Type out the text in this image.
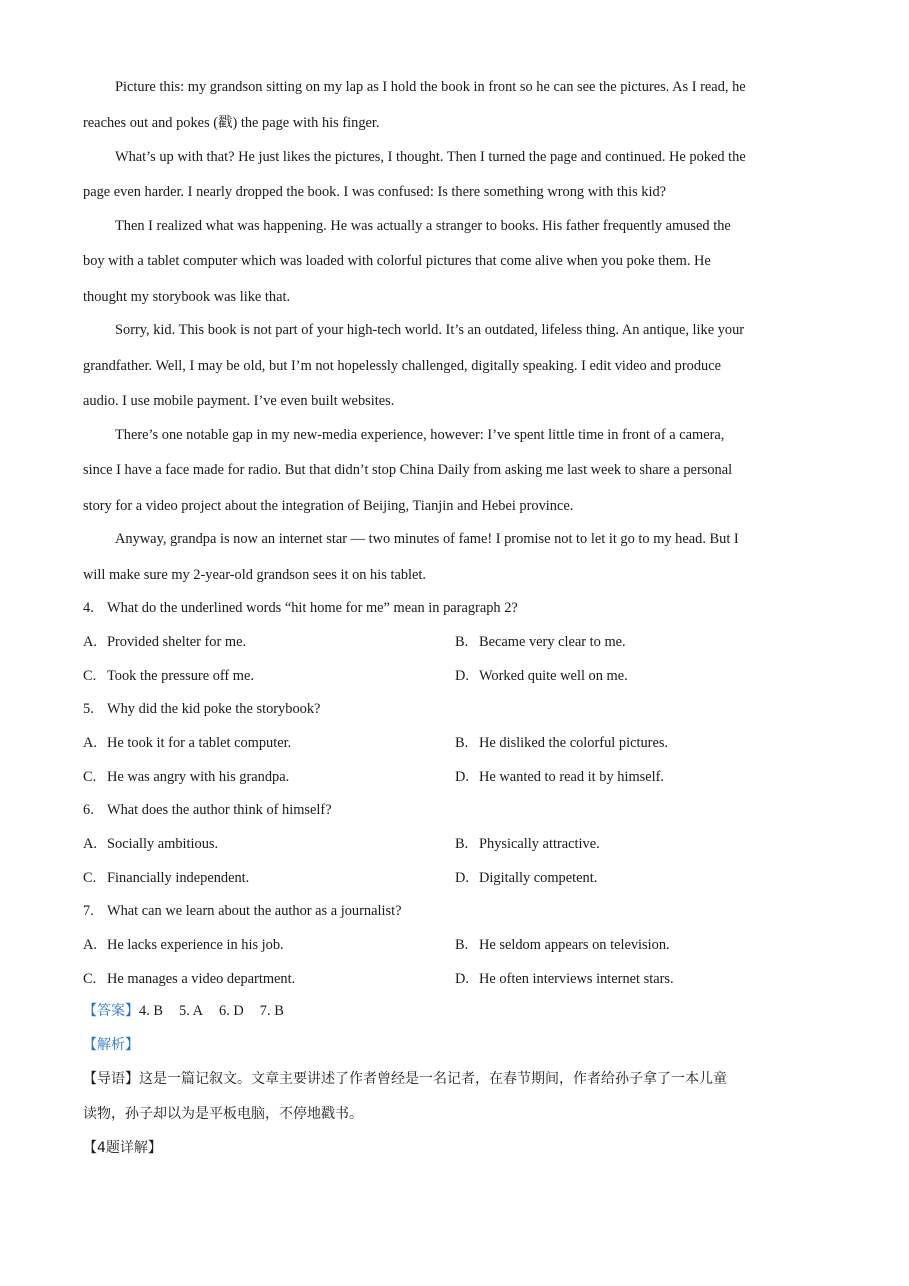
Picture this: my grandson sitting on my lap as I hold the book in front so he can see the pictures. As I read, he
reaches out and pokes (戳) the page with his finger.
What’s up with that? He just likes the pictures, I thought. Then I turned the page and continued. He poked the
page even harder. I nearly dropped the book. I was confused: Is there something wrong with this kid?
Then I realized what was happening. He was actually a stranger to books. His father frequently amused the
boy with a tablet computer which was loaded with colorful pictures that come alive when you poke them. He
thought my storybook was like that.
Sorry, kid. This book is not part of your high-tech world. It’s an outdated, lifeless thing. An antique, like your
grandfather. Well, I may be old, but I’m not hopelessly challenged, digitally speaking. I edit video and produce
audio. I use mobile payment. I’ve even built websites.
There’s one notable gap in my new-media experience, however: I’ve spent little time in front of a camera,
since I have a face made for radio. But that didn’t stop China Daily from asking me last week to share a personal
story for a video project about the integration of Beijing, Tianjin and Hebei province.
Anyway, grandpa is now an internet star — two minutes of fame! I promise not to let it go to my head. But I
will make sure my 2-year-old grandson sees it on his tablet.
4. What do the underlined words “hit home for me” mean in paragraph 2?
A. Provided shelter for me.	B. Became very clear to me.
C. Took the pressure off me.	D. Worked quite well on me.
5. Why did the kid poke the storybook?
A. He took it for a tablet computer.	B. He disliked the colorful pictures.
C. He was angry with his grandpa.	D. He wanted to read it by himself.
6. What does the author think of himself?
A. Socially ambitious.	B. Physically attractive.
C. Financially independent.	D. Digitally competent.
7. What can we learn about the author as a journalist?
A. He lacks experience in his job.	B. He seldom appears on television.
C. He manages a video department.	D. He often interviews internet stars.
【答案】4. B 5. A 6. D 7. B
【解析】
【导语】这是一篇记叙文。文章主要讲述了作者曾经是一名记者，在春节期间，作者给孙子拿了一本儿童
读物，孙子却以为是平板电脑，不停地戳书。
【4题详解】
